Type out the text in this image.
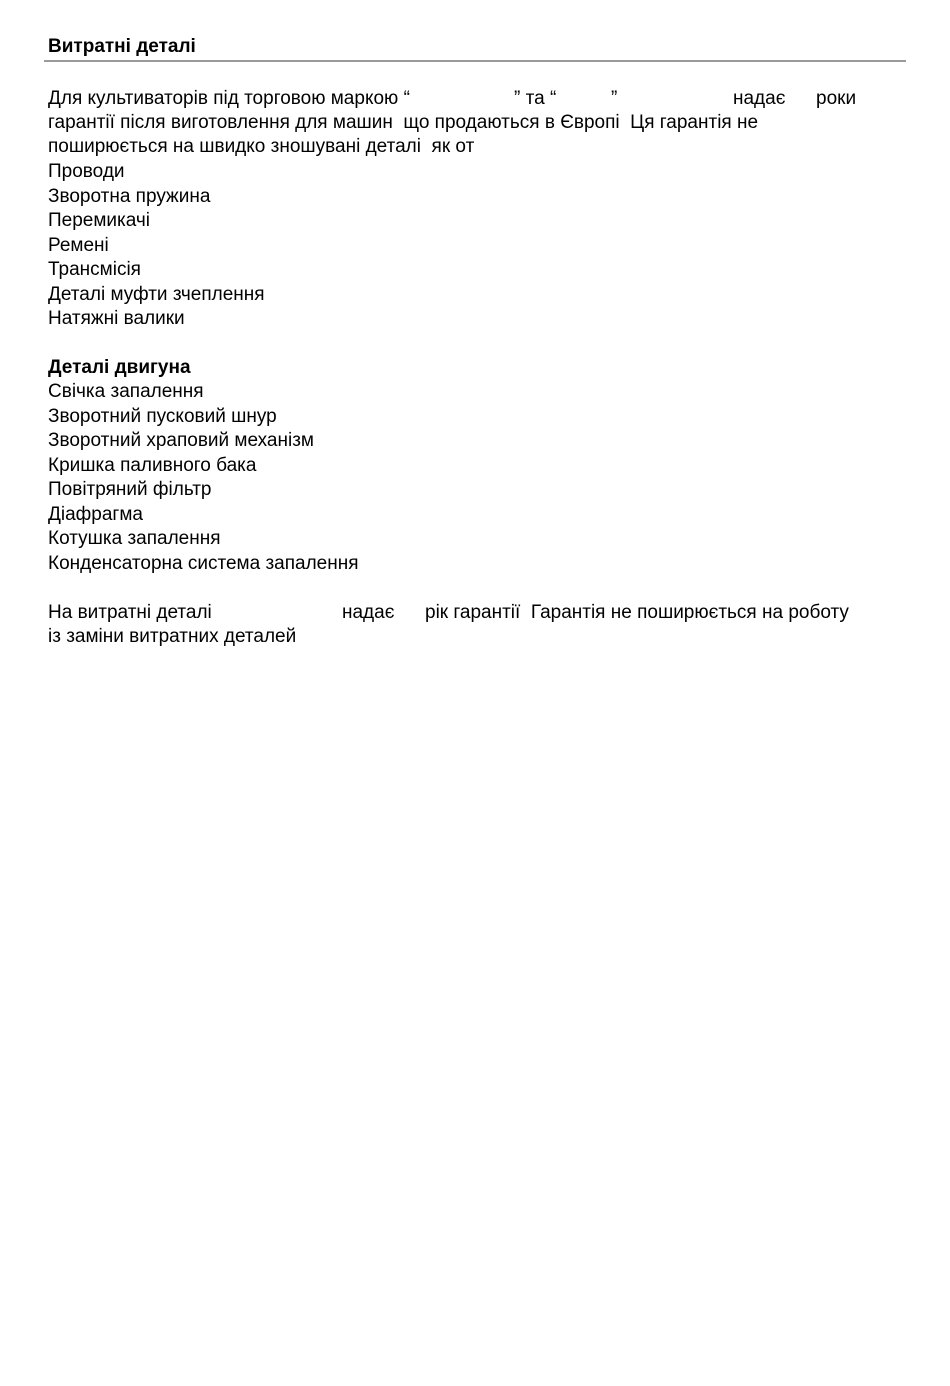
Витратні деталі

Для культиваторів під торговою маркою “

	” та “

	”

	надає

роки

гарантії після виготовлення для машин  що продаються в Європі  Ця гарантія не
поширюється на швидко зношувані деталі  як от
Проводи
Зворотна пружина
Перемикачі
Ремені
Трансмісія
Деталі муфти зчеплення
Натяжні валики
Деталі двигуна
Свічка запалення
Зворотний пусковий шнур
Зворотний храповий механізм
Кришка паливного бака
Повітряний фільтр
Діафрагма
Котушка запалення
Конденсаторна система запалення

На витратні деталі

	надає

рік гарантії  Гарантія не поширюється на роботу

із заміни витратних деталей
